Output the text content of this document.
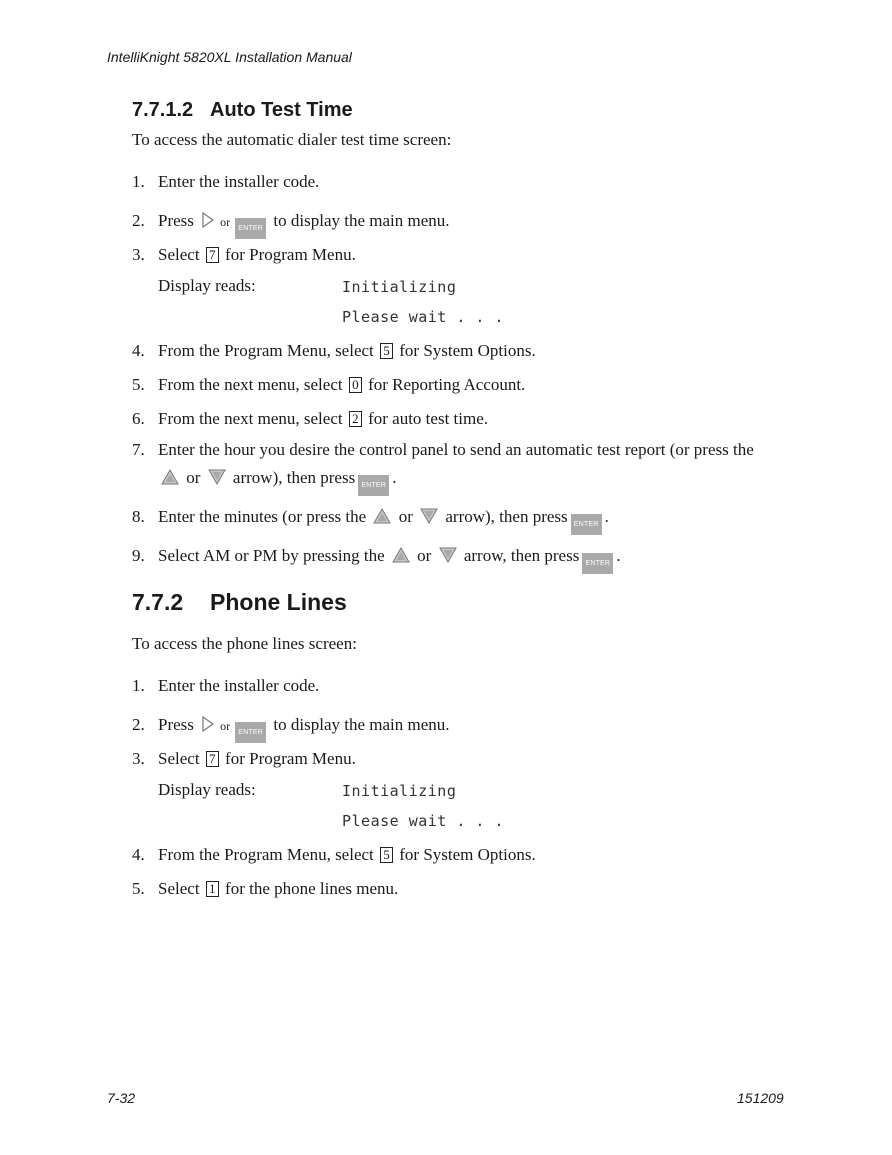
IntelliKnight 5820XL Installation Manual
7.7.1.2 Auto Test Time
To access the automatic dialer test time screen:
1. Enter the installer code.
2. Press or ENTER to display the main menu.
3. Select 7 for Program Menu.
Display reads:	Initializing
Please wait . . .
4. From the Program Menu, select 5 for System Options.
5. From the next menu, select 0 for Reporting Account.
6. From the next menu, select 2 for auto test time.
7. Enter the hour you desire the control panel to send an automatic test report (or press the
or arrow), then press ENTER .
8. Enter the minutes (or press the or arrow), then press ENTER .
9. Select AM or PM by pressing the or arrow, then press ENTER .
7.7.2 Phone Lines
To access the phone lines screen:
1. Enter the installer code.
2. Press or ENTER to display the main menu.
3. Select 7 for Program Menu.
Display reads:	Initializing
Please wait . . .
4. From the Program Menu, select 5 for System Options.
5. Select 1 for the phone lines menu.
7-32	151209
